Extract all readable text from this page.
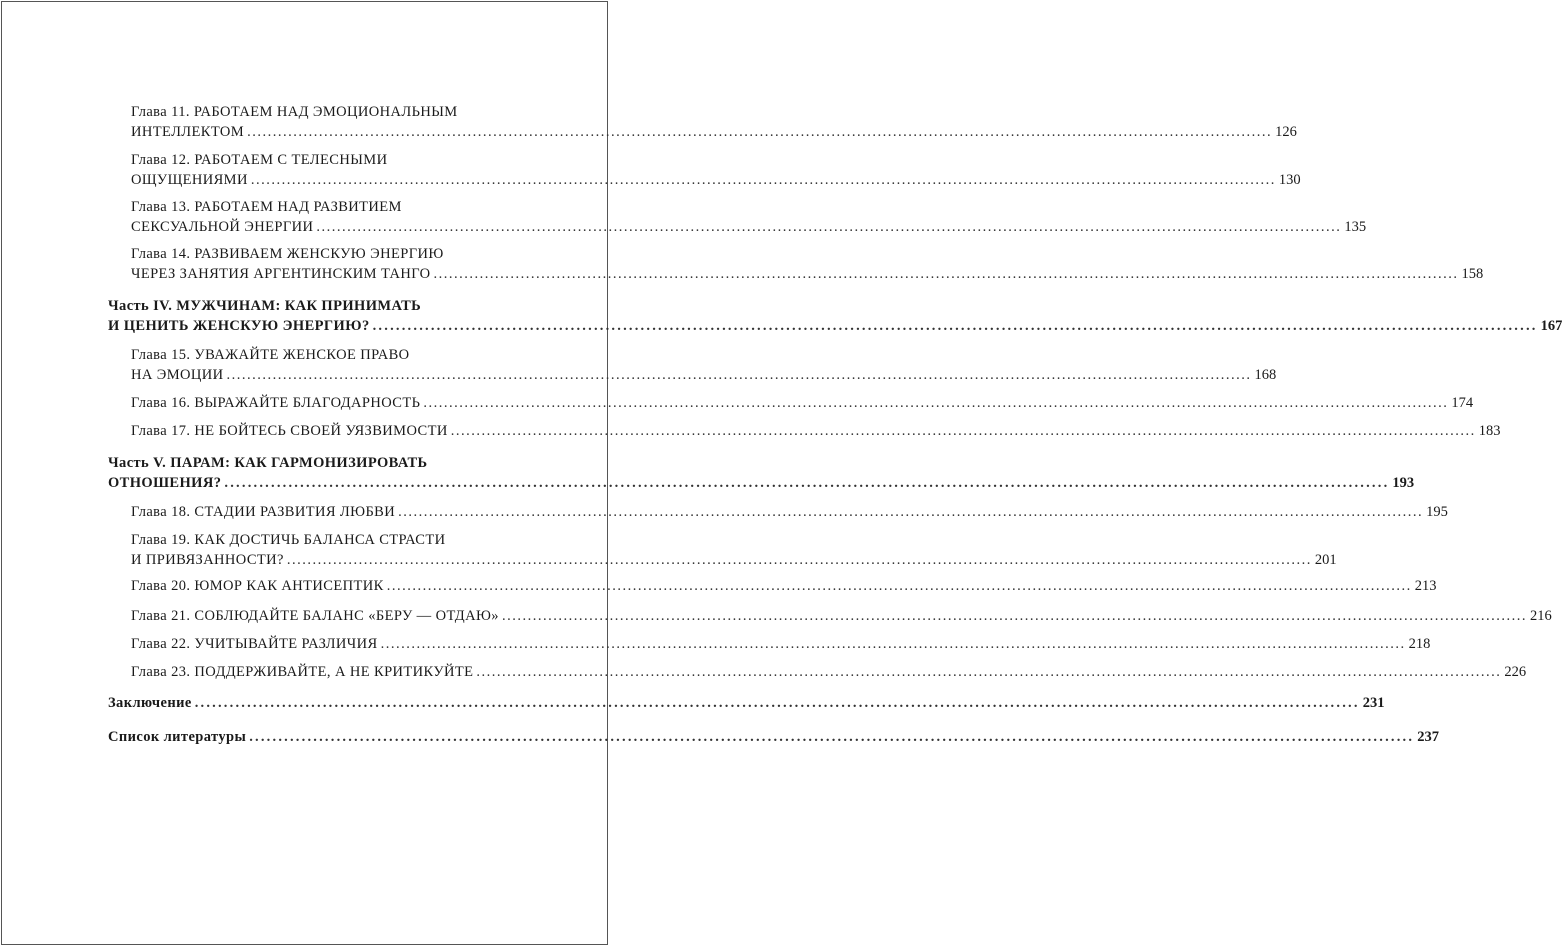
Глава 11. РАБОТАЕМ НАД ЭМОЦИОНАЛЬНЫМ
ИНТЕЛЛЕКТОМ ........................................................................................................................................................................................................ 126
Глава 12. РАБОТАЕМ С ТЕЛЕСНЫМИ
ОЩУЩЕНИЯМИ ........................................................................................................................................................................................................ 130
Глава 13. РАБОТАЕМ НАД РАЗВИТИЕМ
СЕКСУАЛЬНОЙ ЭНЕРГИИ ........................................................................................................................................................................................................ 135
Глава 14. РАЗВИВАЕМ ЖЕНСКУЮ ЭНЕРГИЮ
ЧЕРЕЗ ЗАНЯТИЯ АРГЕНТИНСКИМ ТАНГО ........................................................................................................................................................................................................ 158
Часть IV. МУЖЧИНАМ: КАК ПРИНИМАТЬ
И ЦЕНИТЬ ЖЕНСКУЮ ЭНЕРГИЮ? ........................................................................................................................................................................................................ 167
Глава 15. УВАЖАЙТЕ ЖЕНСКОЕ ПРАВО
НА ЭМОЦИИ ........................................................................................................................................................................................................ 168
Глава 16. ВЫРАЖАЙТЕ БЛАГОДАРНОСТЬ ........................................................................................................................................................................................................ 174
Глава 17. НЕ БОЙТЕСЬ СВОЕЙ УЯЗВИМОСТИ ........................................................................................................................................................................................................ 183
Часть V. ПАРАМ: КАК ГАРМОНИЗИРОВАТЬ
ОТНОШЕНИЯ? ........................................................................................................................................................................................................ 193
Глава 18. СТАДИИ РАЗВИТИЯ ЛЮБВИ ........................................................................................................................................................................................................ 195
Глава 19. КАК ДОСТИЧЬ БАЛАНСА СТРАСТИ
И ПРИВЯЗАННОСТИ? ........................................................................................................................................................................................................ 201
Глава 20. ЮМОР КАК АНТИСЕПТИК ........................................................................................................................................................................................................ 213
Глава 21. СОБЛЮДАЙТЕ БАЛАНС «БЕРУ — ОТДАЮ» ........................................................................................................................................................................................................ 216
Глава 22. УЧИТЫВАЙТЕ РАЗЛИЧИЯ ........................................................................................................................................................................................................ 218
Глава 23. ПОДДЕРЖИВАЙТЕ, А НЕ КРИТИКУЙТЕ ........................................................................................................................................................................................................ 226
Заключение ........................................................................................................................................................................................................ 231
Список литературы ........................................................................................................................................................................................................ 237
